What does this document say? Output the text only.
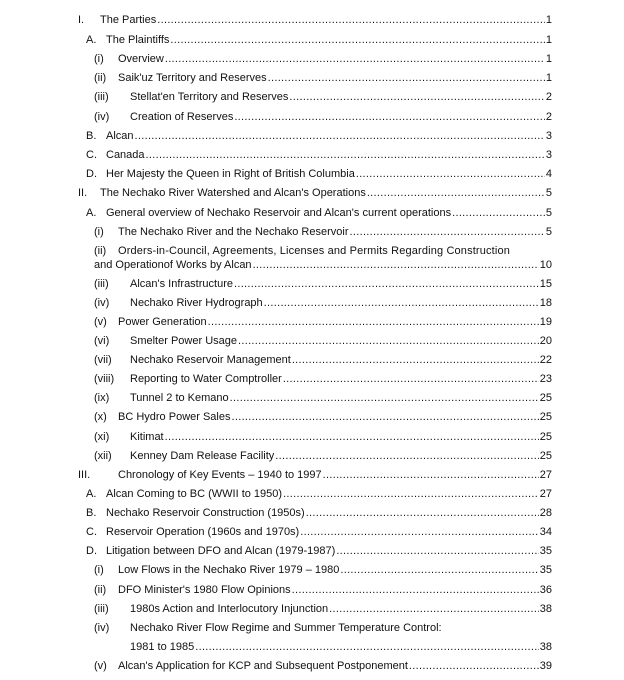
I.	The Parties .....	1
A. The Plaintiffs .....	1
(i)	Overview .....	1
(ii)	Saik'uz Territory and Reserves .....	1
(iii)	Stellat'en Territory and Reserves .....	2
(iv)	Creation of Reserves .....	2
B. Alcan .....	3
C. Canada .....	3
D. Her Majesty the Queen in Right of British Columbia .....	4
II.	The Nechako River Watershed and Alcan's Operations .....	5
A. General overview of Nechako Reservoir and Alcan's current operations .....	5
(i)	The Nechako River and the Nechako Reservoir .....	5
(ii)	Orders-in-Council, Agreements, Licenses and Permits Regarding Construction
and Operationof Works by Alcan .....	10
(iii)	Alcan's Infrastructure .....	15
(iv)	Nechako River Hydrograph .....	18
(v)	Power Generation .....	19
(vi)	Smelter Power Usage .....	20
(vii)	Nechako Reservoir Management .....	22
(viii)	Reporting to Water Comptroller .....	23
(ix)	Tunnel 2 to Kemano .....	25
(x)	BC Hydro Power Sales .....	25
(xi)	Kitimat .....	25
(xii)	Kenney Dam Release Facility .....	25
III.	Chronology of Key Events – 1940 to 1997 .....	27
A. Alcan Coming to BC (WWII to 1950) .....	27
B. Nechako Reservoir Construction (1950s) .....	28
C. Reservoir Operation (1960s and 1970s) .....	34
D. Litigation between DFO and Alcan (1979-1987) .....	35
(i)	Low Flows in the Nechako River 1979 – 1980 .....	35
(ii)	DFO Minister's 1980 Flow Opinions .....	36
(iii)	1980s Action and Interlocutory Injunction .....	38
(iv)	Nechako River Flow Regime and Summer Temperature Control:
1981 to 1985 .....	38
(v)	Alcan's Application for KCP and Subsequent Postponement .....	39
